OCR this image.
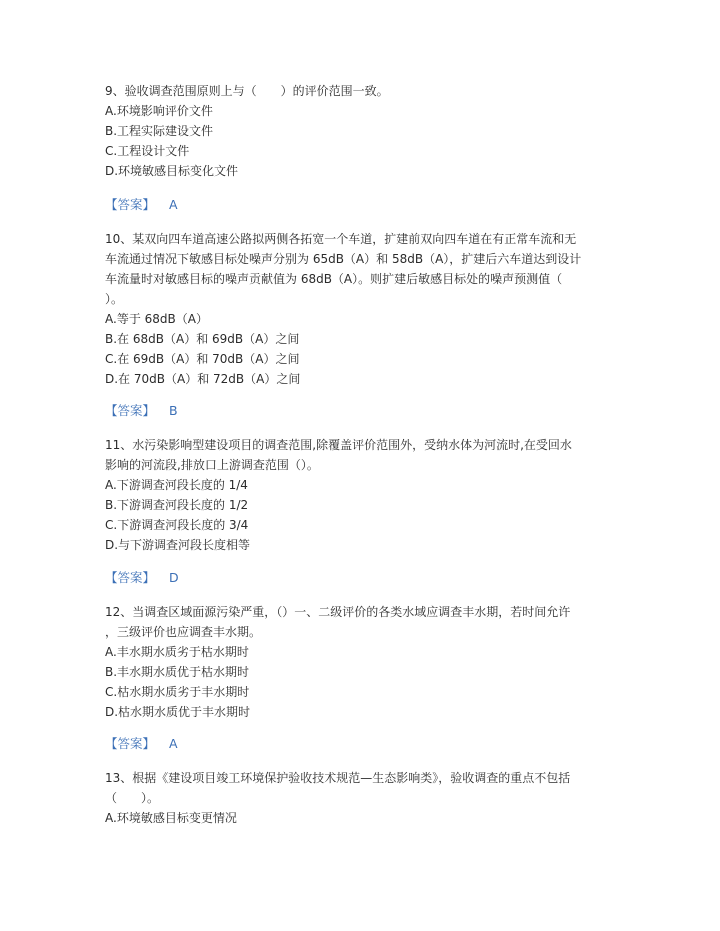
9、验收调查范围原则上与（　　）的评价范围一致。
A.环境影响评价文件
B.工程实际建设文件
C.工程设计文件
D.环境敏感目标变化文件
【答案】 A
10、某双向四车道高速公路拟两侧各拓宽一个车道，扩建前双向四车道在有正常车流和无
车流通过情况下敏感目标处噪声分别为 65dB（A）和 58dB（A），扩建后六车道达到设计
车流量时对敏感目标的噪声贡献值为 68dB（A）。则扩建后敏感目标处的噪声预测值（
）。
A.等于 68dB（A）
B.在 68dB（A）和 69dB（A）之间
C.在 69dB（A）和 70dB（A）之间
D.在 70dB（A）和 72dB（A）之间
【答案】 B
11、水污染影响型建设项目的调查范围,除覆盖评价范围外，受纳水体为河流时,在受回水
影响的河流段,排放口上游调查范围（）。
A.下游调查河段长度的 1/4
B.下游调查河段长度的 1/2
C.下游调查河段长度的 3/4
D.与下游调查河段长度相等
【答案】 D
12、当调查区域面源污染严重，（）一、二级评价的各类水域应调查丰水期，若时间允许
，三级评价也应调查丰水期。
A.丰水期水质劣于枯水期时
B.丰水期水质优于枯水期时
C.枯水期水质劣于丰水期时
D.枯水期水质优于丰水期时
【答案】 A
13、根据《建设项目竣工环境保护验收技术规范—生态影响类》，验收调查的重点不包括
（　　）。
A.环境敏感目标变更情况
